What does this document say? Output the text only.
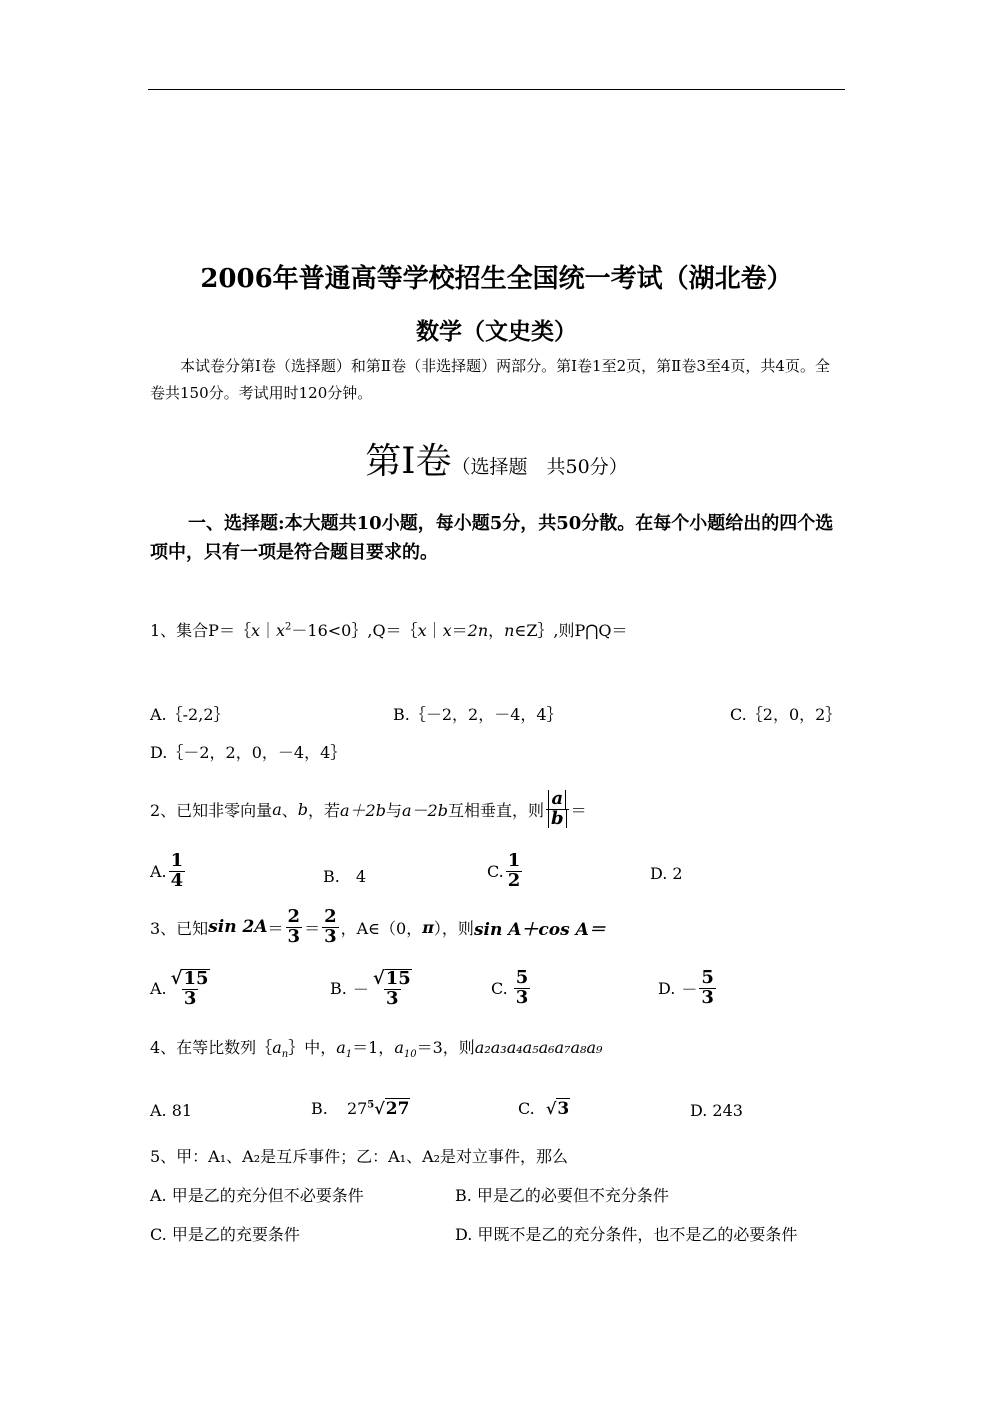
2006年普通高等学校招生全国统一考试（湖北卷）
数学（文史类）
本试卷分第Ⅰ卷（选择题）和第Ⅱ卷（非选择题）两部分。第Ⅰ卷1至2页，第Ⅱ卷3至4页，共4页。全卷共150分。考试用时120分钟。
第Ⅰ卷（选择题　共50分）
一、选择题:本大题共10小题，每小题5分，共50分散。在每个小题给出的四个选项中，只有一项是符合题目要求的。
1、集合$P=\{x|x^2-16<0\},Q=\{x|x=2n$，n∈Z｝,则P⋂Q＝
A.｛-2,2｝	B.｛－2，2，－4，4｝	C.｛2，0，2｝
D.｛－2，2，0，－4，4｝
2、已知非零向量 a 、 b ，若 a＋2b 与 a－2b 互相垂直，则 $\frac{a}{b}$ ＝
A. $\frac{1}{4}$	B.　4	C. $\frac{1}{2}$	D. 2
3、已知 $\sin 2A = \frac{2}{3} = \frac{2}{3}$ ，A∈（0， π ），则 sin A＋cos A＝
A. $\frac{√15}{3}$	B. － $\frac{√15}{3}$	C. $\frac{5}{3}$	D. － $\frac{5}{3}$
4、在等比数列$\{a_n\}$中，$a_1=1$，$a_{10}=3$，则a₂a₃a₄a₅a₆a₇a₈a₉
A. 81	B. $27^5√27$	C. √3	D. 243
5、甲：A₁、A₂是互斥事件；乙：A₁、A₂是对立事件，那么
A. 甲是乙的充分但不必要条件	B. 甲是乙的必要但不充分条件
C. 甲是乙的充要条件	D. 甲既不是乙的充分条件，也不是乙的必要条件
